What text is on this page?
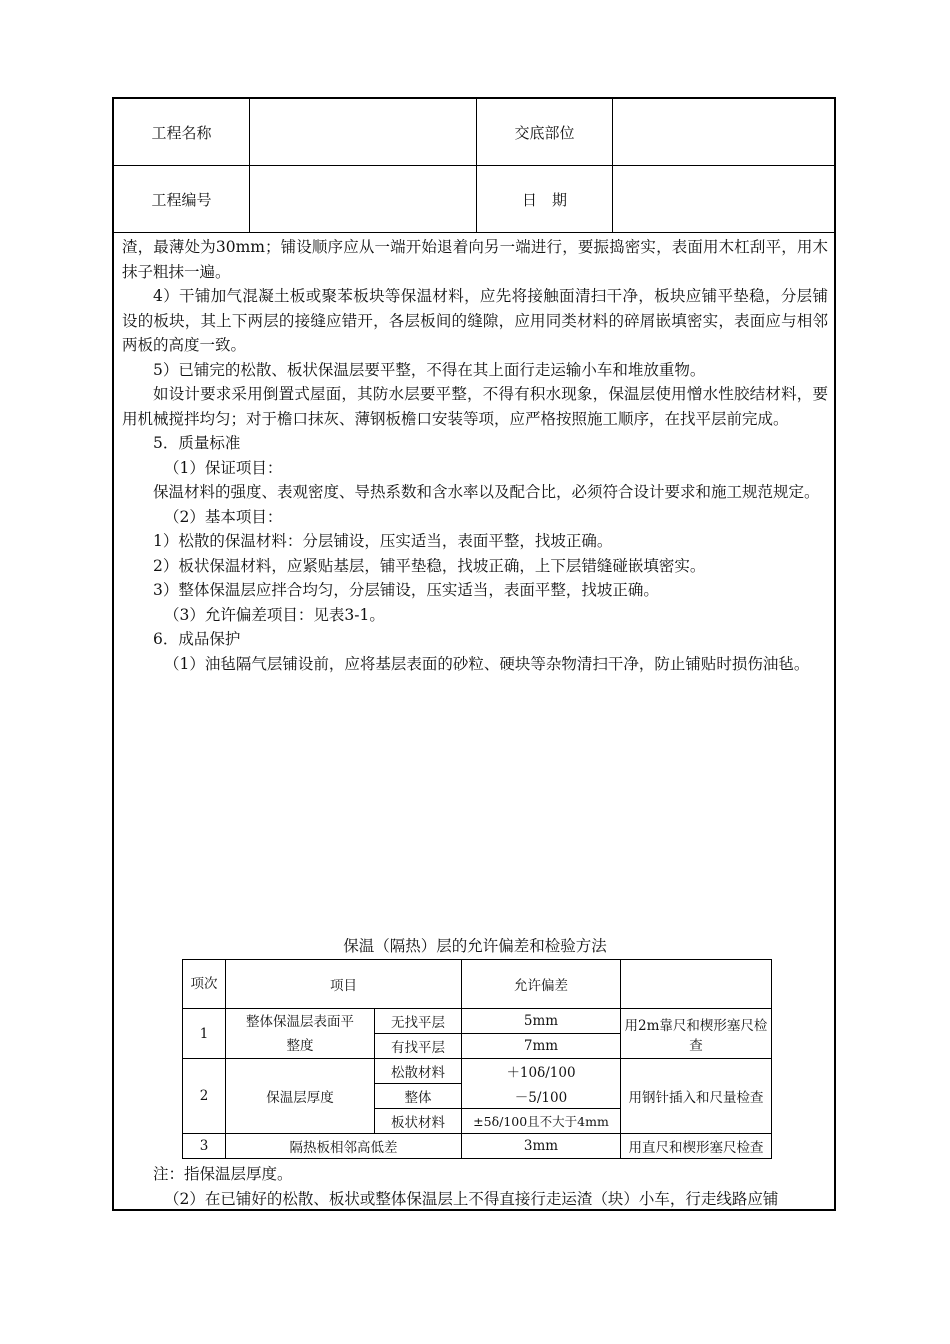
工程名称		交底部位	
工程编号		日　期	

渣，最薄处为30mm；铺设顺序应从一端开始退着向另一端进行，要振捣密实，表面用木杠刮平，用木抹子粗抹一遍。

4）干铺加气混凝土板或聚苯板块等保温材料，应先将接触面清扫干净，板块应铺平垫稳，分层铺设的板块，其上下两层的接缝应错开，各层板间的缝隙，应用同类材料的碎屑嵌填密实，表面应与相邻两板的高度一致。

5）已铺完的松散、板状保温层要平整，不得在其上面行走运输小车和堆放重物。

如设计要求采用倒置式屋面，其防水层要平整，不得有积水现象，保温层使用憎水性胶结材料，要用机械搅拌均匀；对于檐口抹灰、薄钢板檐口安装等项，应严格按照施工顺序，在找平层前完成。

5．质量标准

（1）保证项目：

保温材料的强度、表观密度、导热系数和含水率以及配合比，必须符合设计要求和施工规范规定。

（2）基本项目：

1）松散的保温材料：分层铺设，压实适当，表面平整，找坡正确。

2）板状保温材料，应紧贴基层，铺平垫稳，找坡正确，上下层错缝碰嵌填密实。

3）整体保温层应拌合均匀，分层铺设，压实适当，表面平整，找坡正确。

（3）允许偏差项目：见表3-1。

6．成品保护

（1）油毡隔气层铺设前，应将基层表面的砂粒、硬块等杂物清扫干净，防止铺贴时损伤油毡。

保温（隔热）层的允许偏差和检验方法
项次	项目		允许偏差	
1	整体保温层表面平整度	无找平层	5mm	用2m靠尺和楔形塞尺检查
		有找平层	7mm	
2	保温层厚度	松散材料	＋10δ/100	用钢针插入和尺量检查
		整体	－5/100	
		板状材料	±5δ/100且不大于4mm	
3	隔热板相邻高低差		3mm	用直尺和楔形塞尺检查

注：指保温层厚度。

（2）在已铺好的松散、板状或整体保温层上不得直接行走运渣（块）小车，行走线路应铺
